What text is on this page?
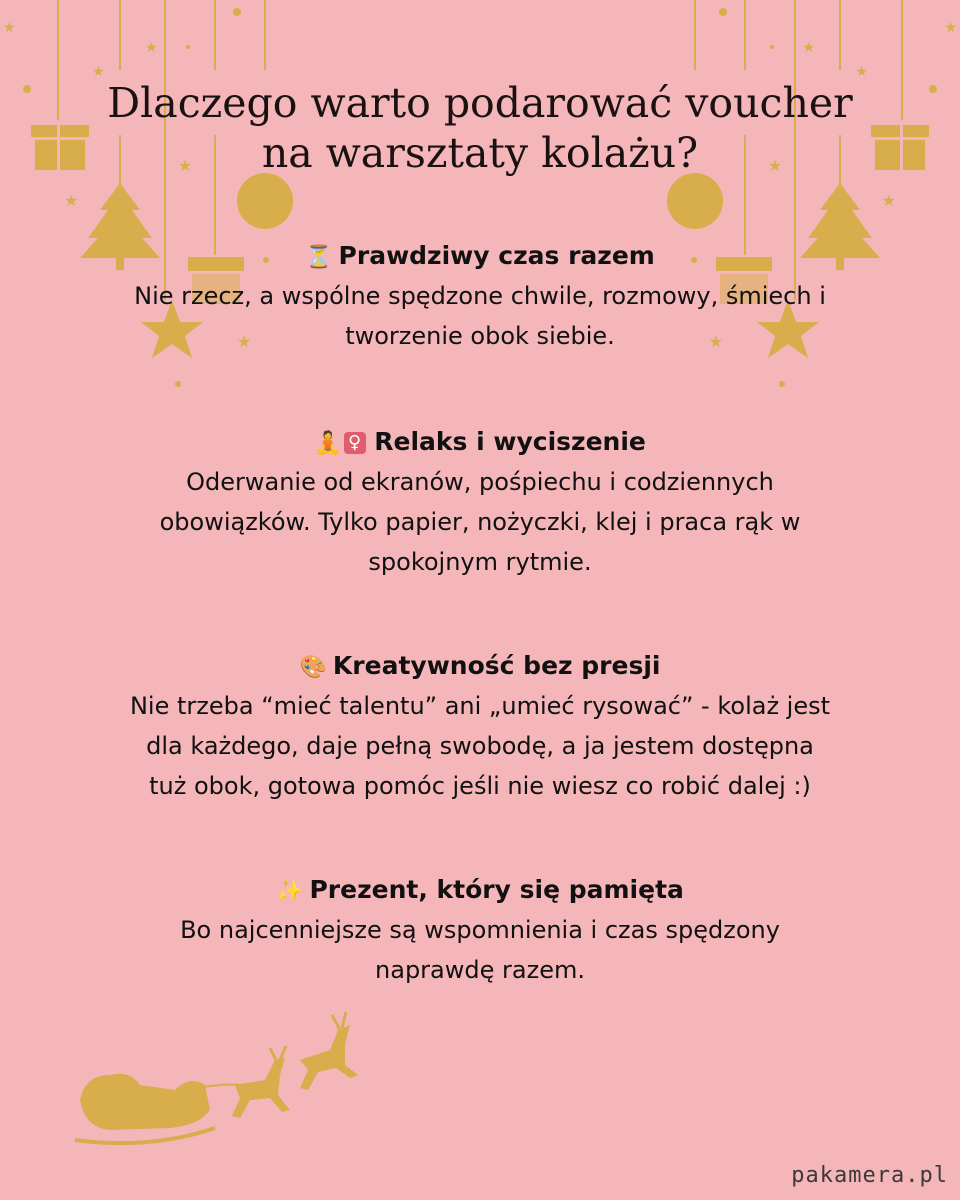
Dlaczego warto podarować voucher
na warsztaty kolażu?
⏳ Prawdziwy czas razem
Nie rzecz, a wspólne spędzone chwile, rozmowy, śmiech i
tworzenie obok siebie.
🧘 ♀ Relaks i wyciszenie
Oderwanie od ekranów, pośpiechu i codziennych
obowiązków. Tylko papier, nożyczki, klej i praca rąk w
spokojnym rytmie.
🎨 Kreatywność bez presji
Nie trzeba “mieć talentu” ani „umieć rysować” - kolaż jest
dla każdego, daje pełną swobodę, a ja jestem dostępna
tuż obok, gotowa pomóc jeśli nie wiesz co robić dalej :)
✨ Prezent, który się pamięta
Bo najcenniejsze są wspomnienia i czas spędzony
naprawdę razem.
pakamera.pl
